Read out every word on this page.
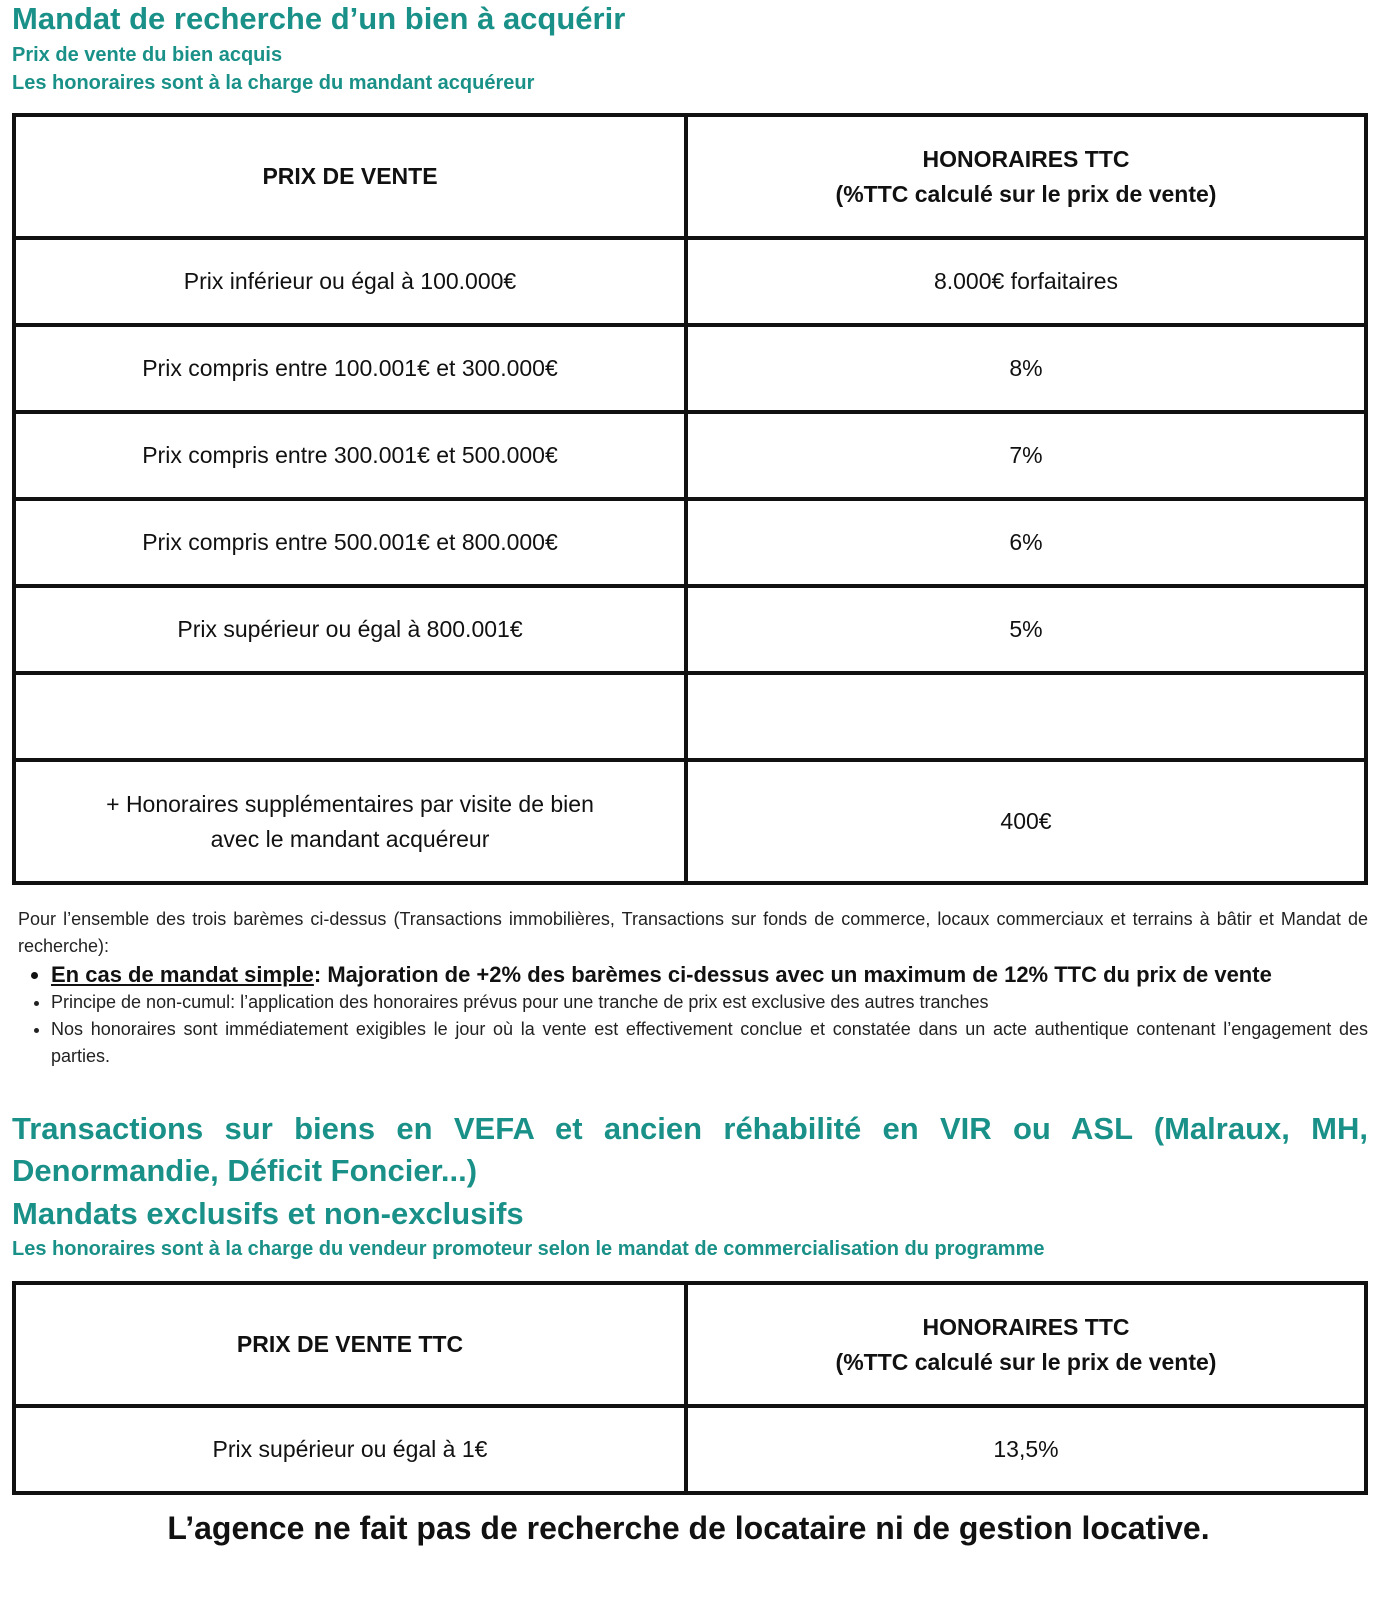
Mandat de recherche d’un bien à acquérir
Prix de vente du bien acquis
Les honoraires sont à la charge du mandant acquéreur
PRIX DE VENTE	HONORAIRES TTC
(%TTC calculé sur le prix de vente)

Prix inférieur ou égal à 100.000€	8.000€ forfaitaires
Prix compris entre 100.001€ et 300.000€	8%
Prix compris entre 300.001€ et 500.000€	7%
Prix compris entre 500.001€ et 800.000€	6%
Prix supérieur ou égal à 800.001€	5%

+ Honoraires supplémentaires par visite de bien
avec le mandant acquéreur	400€

Pour l’ensemble des trois barèmes ci-dessus (Transactions immobilières, Transactions sur fonds de commerce, locaux commerciaux et terrains à bâtir et Mandat de recherche):

• En cas de mandat simple: Majoration de +2% des barèmes ci-dessus avec un maximum de 12% TTC du prix de vente
• Principe de non-cumul: l’application des honoraires prévus pour une tranche de prix est exclusive des autres tranches
• Nos honoraires sont immédiatement exigibles le jour où la vente est effectivement conclue et constatée dans un acte authentique contenant l’engagement des parties.
Transactions sur biens en VEFA et ancien réhabilité en VIR ou ASL (Malraux, MH, Denormandie, Déficit Foncier...)
Mandats exclusifs et non-exclusifs
Les honoraires sont à la charge du vendeur promoteur selon le mandat de commercialisation du programme
PRIX DE VENTE TTC	HONORAIRES TTC
(%TTC calculé sur le prix de vente)

Prix supérieur ou égal à 1€	13,5%
L’agence ne fait pas de recherche de locataire ni de gestion locative.
